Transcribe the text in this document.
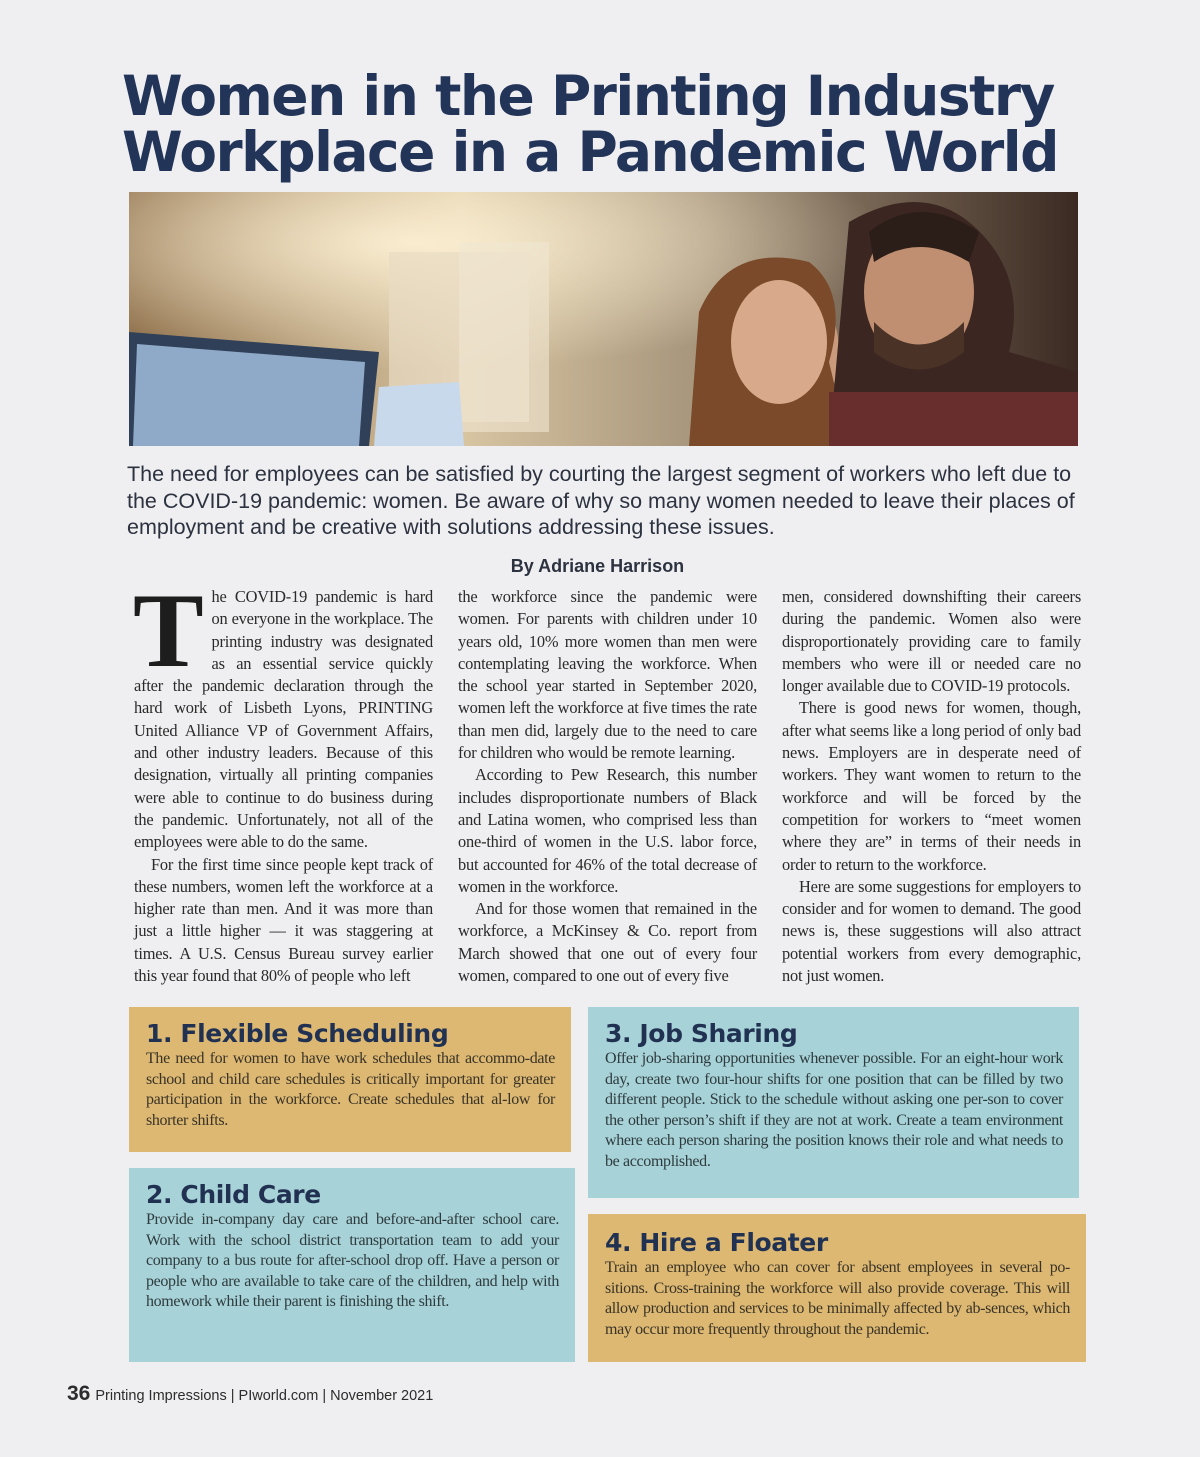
Women in the Printing Industry
Workplace in a Pandemic World

The need for employees can be satisfied by courting the largest segment of workers who left due to the COVID-19 pandemic: women. Be aware of why so many women needed to leave their places of employment and be creative with solutions addressing these issues.

By Adriane Harrison

The COVID-19 pandemic is hard on everyone in the workplace. The printing industry was designated as an essential service quickly after the pandemic declaration through the hard work of Lisbeth Lyons, PRINTING United Alliance VP of Government Affairs, and other industry leaders. Because of this designation, virtually all printing companies were able to continue to do business during the pandemic. Unfortunately, not all of the employees were able to do the same.

For the first time since people kept track of these numbers, women left the workforce at a higher rate than men. And it was more than just a little higher — it was staggering at times. A U.S. Census Bureau survey earlier this year found that 80% of people who left

the workforce since the pandemic were women. For parents with children under 10 years old, 10% more women than men were contemplating leaving the workforce. When the school year started in September 2020, women left the workforce at five times the rate than men did, largely due to the need to care for children who would be remote learning.

According to Pew Research, this number includes disproportionate numbers of Black and Latina women, who comprised less than one-third of women in the U.S. labor force, but accounted for 46% of the total decrease of women in the workforce.

And for those women that remained in the workforce, a McKinsey & Co. report from March showed that one out of every four women, compared to one out of every five

men, considered downshifting their careers during the pandemic. Women also were disproportionately providing care to family members who were ill or needed care no longer available due to COVID-19 protocols.

There is good news for women, though, after what seems like a long period of only bad news. Employers are in desperate need of workers. They want women to return to the workforce and will be forced by the competition for workers to “meet women where they are” in terms of their needs in order to return to the workforce.

Here are some suggestions for employers to consider and for women to demand. The good news is, these suggestions will also attract potential workers from every demographic, not just women.

1. Flexible Scheduling

The need for women to have work schedules that accommo-date school and child care schedules is critically important for greater participation in the workforce. Create schedules that al-low for shorter shifts.

2. Child Care

Provide in-company day care and before-and-after school care. Work with the school district transportation team to add your company to a bus route for after-school drop off. Have a person or people who are available to take care of the children, and help with homework while their parent is finishing the shift.

3. Job Sharing

Offer job-sharing opportunities whenever possible. For an eight-hour work day, create two four-hour shifts for one position that can be filled by two different people. Stick to the schedule without asking one per-son to cover the other person’s shift if they are not at work. Create a team environment where each person sharing the position knows their role and what needs to be accomplished.

4. Hire a Floater

Train an employee who can cover for absent employees in several po-sitions. Cross-training the workforce will also provide coverage. This will allow production and services to be minimally affected by ab-sences, which may occur more frequently throughout the pandemic.

36 Printing Impressions | PIworld.com | November 2021
